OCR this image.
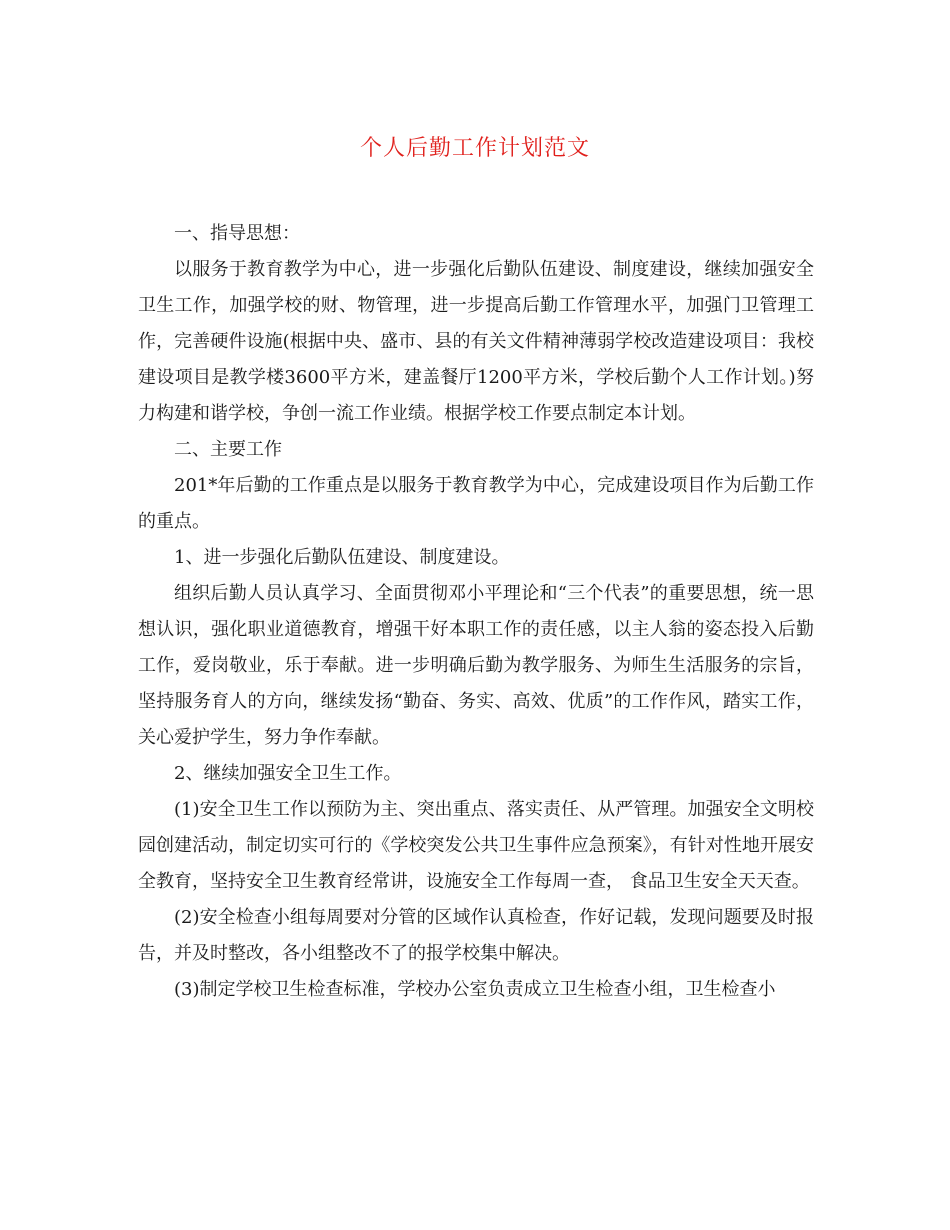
个人后勤工作计划范文

一、指导思想：

以服务于教育教学为中心，进一步强化后勤队伍建设、制度建设，继续加强安全卫生工作，加强学校的财、物管理，进一步提高后勤工作管理水平，加强门卫管理工作，完善硬件设施(根据中央、盛市、县的有关文件精神薄弱学校改造建设项目：我校建设项目是教学楼3600平方米，建盖餐厅1200平方米，学校后勤个人工作计划。)努力构建和谐学校，争创一流工作业绩。根据学校工作要点制定本计划。

二、主要工作

201*年后勤的工作重点是以服务于教育教学为中心，完成建设项目作为后勤工作的重点。

1、进一步强化后勤队伍建设、制度建设。

组织后勤人员认真学习、全面贯彻邓小平理论和“三个代表”的重要思想，统一思想认识，强化职业道德教育，增强干好本职工作的责任感，以主人翁的姿态投入后勤工作，爱岗敬业，乐于奉献。进一步明确后勤为教学服务、为师生生活服务的宗旨，坚持服务育人的方向，继续发扬“勤奋、务实、高效、优质”的工作作风，踏实工作，关心爱护学生，努力争作奉献。

2、继续加强安全卫生工作。

(1)安全卫生工作以预防为主、突出重点、落实责任、从严管理。加强安全文明校园创建活动，制定切实可行的《学校突发公共卫生事件应急预案》，有针对性地开展安全教育，坚持安全卫生教育经常讲，设施安全工作每周一查， 食品卫生安全天天查。

(2)安全检查小组每周要对分管的区域作认真检查，作好记载，发现问题要及时报告，并及时整改，各小组整改不了的报学校集中解决。

(3)制定学校卫生检查标准，学校办公室负责成立卫生检查小组，卫生检查小
